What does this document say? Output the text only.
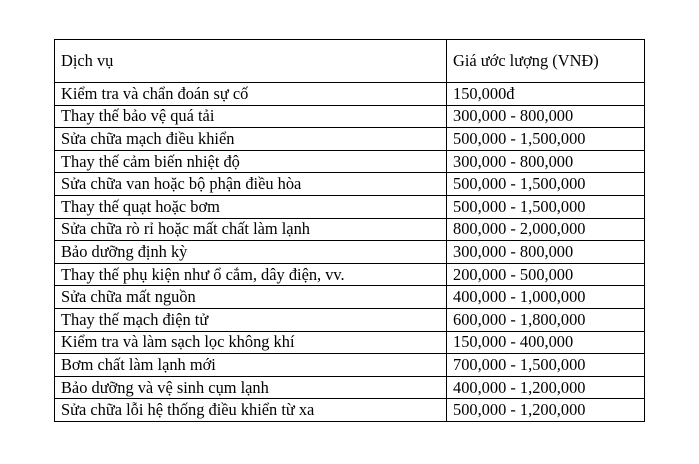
Dịch vụ	Giá ước lượng (VNĐ)
Kiểm tra và chẩn đoán sự cố	150,000đ
Thay thế bảo vệ quá tải	300,000 - 800,000
Sửa chữa mạch điều khiển	500,000 - 1,500,000
Thay thế cảm biến nhiệt độ	300,000 - 800,000
Sửa chữa van hoặc bộ phận điều hòa	500,000 - 1,500,000
Thay thế quạt hoặc bơm	500,000 - 1,500,000
Sửa chữa rò rỉ hoặc mất chất làm lạnh	800,000 - 2,000,000
Bảo dưỡng định kỳ	300,000 - 800,000
Thay thế phụ kiện như ổ cắm, dây điện, vv.	200,000 - 500,000
Sửa chữa mất nguồn	400,000 - 1,000,000
Thay thế mạch điện tử	600,000 - 1,800,000
Kiểm tra và làm sạch lọc không khí	150,000 - 400,000
Bơm chất làm lạnh mới	700,000 - 1,500,000
Bảo dưỡng và vệ sinh cụm lạnh	400,000 - 1,200,000
Sửa chữa lỗi hệ thống điều khiển từ xa	500,000 - 1,200,000
